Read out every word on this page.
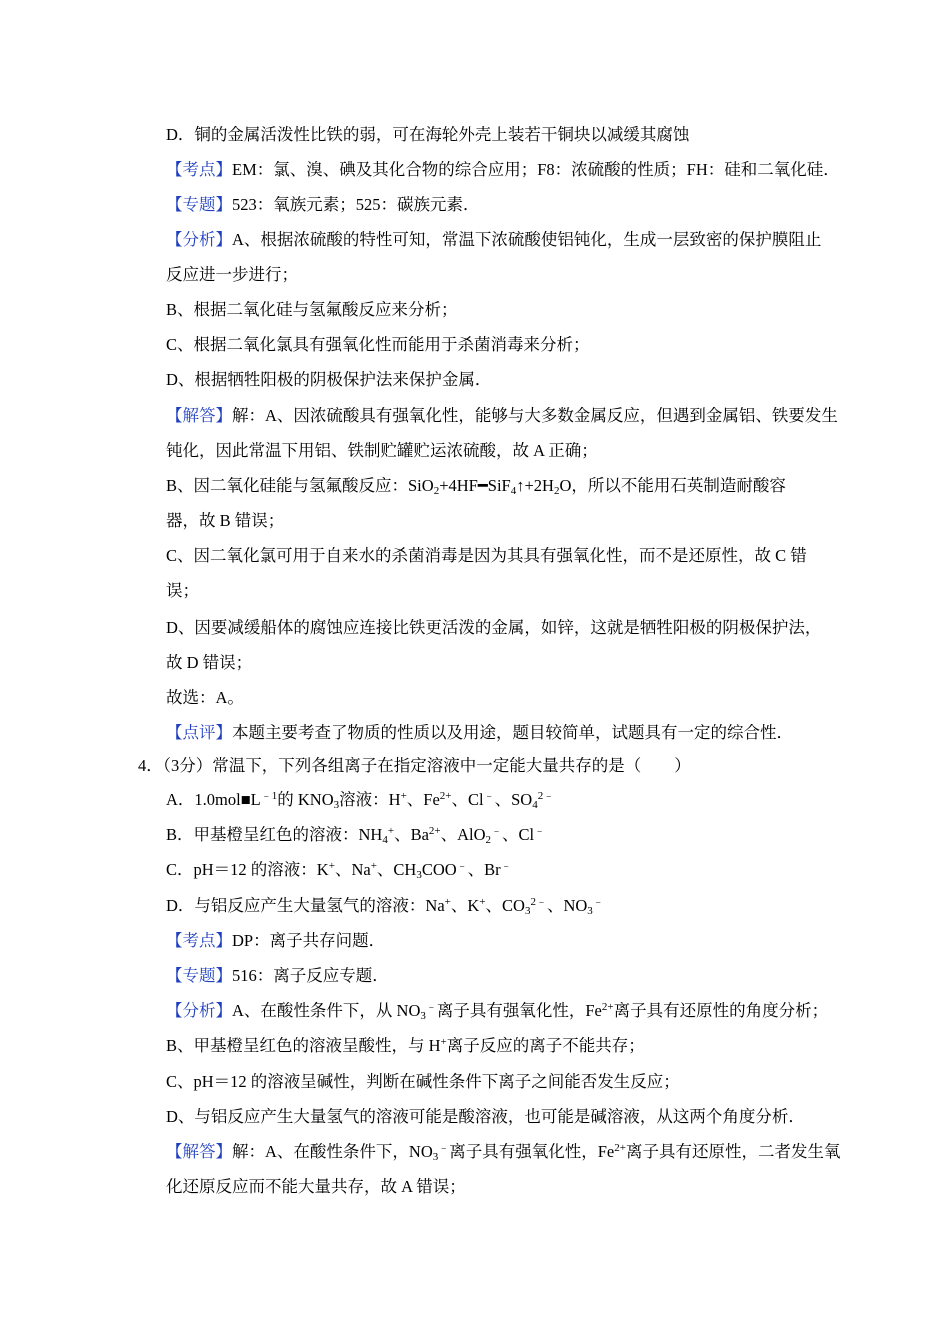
D．铜的金属活泼性比铁的弱，可在海轮外壳上装若干铜块以减缓其腐蚀
【考点】EM：氯、溴、碘及其化合物的综合应用；F8：浓硫酸的性质；FH：硅和二氧化硅．
【专题】523：氧族元素；525：碳族元素．
【分析】A、根据浓硫酸的特性可知，常温下浓硫酸使铝钝化，生成一层致密的保护膜阻止
反应进一步进行；
B、根据二氧化硅与氢氟酸反应来分析；
C、根据二氧化氯具有强氧化性而能用于杀菌消毒来分析；
D、根据牺牲阳极的阴极保护法来保护金属．
【解答】解：A、因浓硫酸具有强氧化性，能够与大多数金属反应，但遇到金属铝、铁要发生
钝化，因此常温下用铝、铁制贮罐贮运浓硫酸，故 A 正确；
B、因二氧化硅能与氢氟酸反应：$SiO_2+4HF━SiF_4↑+2H_2O$，所以不能用石英制造耐酸容
器，故 B 错误；
C、因二氧化氯可用于自来水的杀菌消毒是因为其具有强氧化性，而不是还原性，故 C 错
误；
D、因要减缓船体的腐蚀应连接比铁更活泼的金属，如锌，这就是牺牲阳极的阴极保护法，
故 D 错误；
故选：A。
【点评】本题主要考查了物质的性质以及用途，题目较简单，试题具有一定的综合性．
4．（3分）常温下，下列各组离子在指定溶液中一定能大量共存的是（　　）
A．$1.0mol■L^{﹣1}$的 $KNO_3$溶液：H+、$Fe^{2+}$、Cl﹣、$SO_4^{2﹣}$
B．甲基橙呈红色的溶液：$NH_4^+$、$Ba^{2+}$、AlO$_2$﹣、Cl﹣
C．pH＝12 的溶液：K+、Na+、$CH_3COO^﹣$、Br﹣
D．与铝反应产生大量氢气的溶液：Na+、K+、$CO_3^{2﹣}$、$NO_3^﹣$
【考点】DP：离子共存问题．
【专题】516：离子反应专题．
【分析】A、在酸性条件下，从 $NO_3^﹣$离子具有强氧化性，$Fe^{2+}$离子具有还原性的角度分析；
B、甲基橙呈红色的溶液呈酸性，与 H+离子反应的离子不能共存；
C、pH＝12 的溶液呈碱性，判断在碱性条件下离子之间能否发生反应；
D、与铝反应产生大量氢气的溶液可能是酸溶液，也可能是碱溶液，从这两个角度分析．
【解答】解：A、在酸性条件下，$NO_3^﹣$离子具有强氧化性，$Fe^{2+}$离子具有还原性，二者发生氧
化还原反应而不能大量共存，故 A 错误；
